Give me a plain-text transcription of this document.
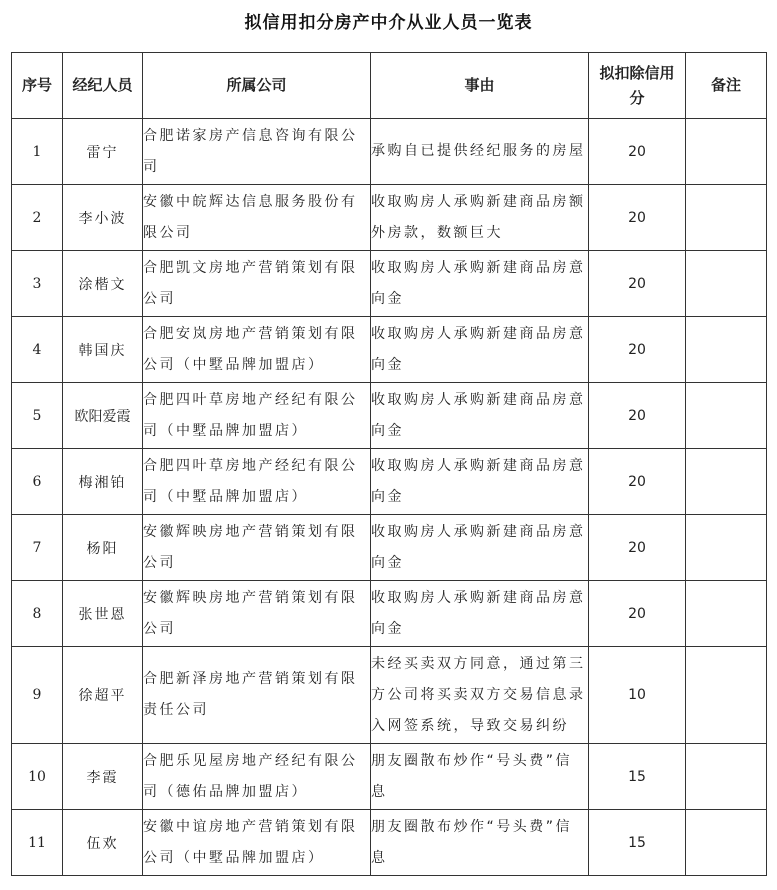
拟信用扣分房产中介从业人员一览表
序号	经纪人员	所属公司	事由	拟扣除信用分	备注
1	雷宁	合肥诺家房产信息咨询有限公司	承购自已提供经纪服务的房屋	20	
2	李小波	安徽中皖辉达信息服务股份有限公司	收取购房人承购新建商品房额外房款，数额巨大	20	
3	涂楷文	合肥凯文房地产营销策划有限公司	收取购房人承购新建商品房意向金	20	
4	韩国庆	合肥安岚房地产营销策划有限公司（中墅品牌加盟店）	收取购房人承购新建商品房意向金	20	
5	欧阳爱霞	合肥四叶草房地产经纪有限公司（中墅品牌加盟店）	收取购房人承购新建商品房意向金	20	
6	梅湘铂	合肥四叶草房地产经纪有限公司（中墅品牌加盟店）	收取购房人承购新建商品房意向金	20	
7	杨阳	安徽辉映房地产营销策划有限公司	收取购房人承购新建商品房意向金	20	
8	张世恩	安徽辉映房地产营销策划有限公司	收取购房人承购新建商品房意向金	20	
9	徐超平	合肥新泽房地产营销策划有限责任公司	未经买卖双方同意，通过第三方公司将买卖双方交易信息录入网签系统，导致交易纠纷	10	
10	李霞	合肥乐见屋房地产经纪有限公司（德佑品牌加盟店）	朋友圈散布炒作“号头费”信息	15	
11	伍欢	安徽中谊房地产营销策划有限公司（中墅品牌加盟店）	朋友圈散布炒作“号头费”信息	15	
